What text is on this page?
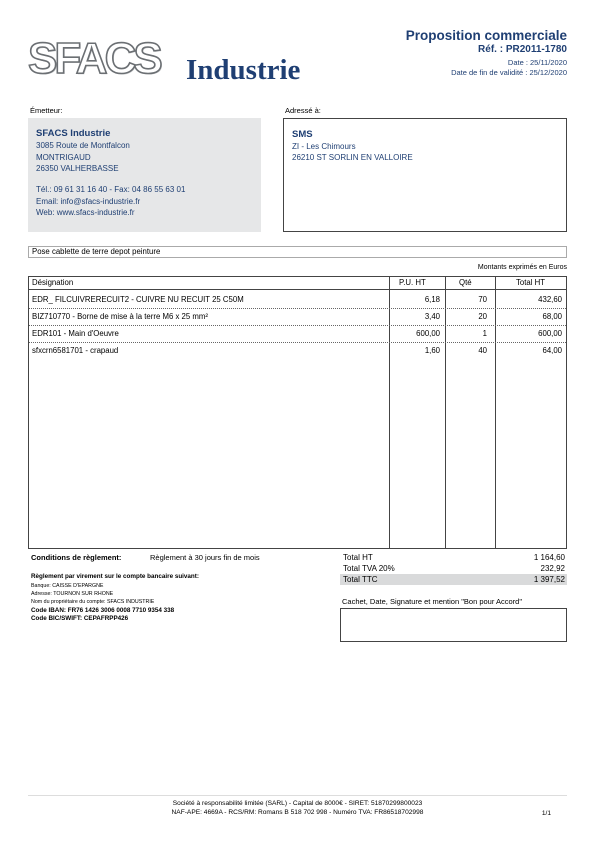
SFACS Industrie
Proposition commerciale
Réf. : PR2011-1780
Date : 25/11/2020
Date de fin de validité : 25/12/2020
Émetteur:	Adressé à:
SFACS Industrie
3085 Route de Montfalcon
MONTRIGAUD
26350 VALHERBASSE
Tél.: 09 61 31 16 40 - Fax: 04 86 55 63 01
Email: info@sfacs-industrie.fr
Web: www.sfacs-industrie.fr
SMS
ZI - Les Chimours
26210 ST SORLIN EN VALLOIRE
Pose cablette de terre depot peinture
Montants exprimés en Euros
Désignation	P.U. HT	Qté	Total HT
EDR_ FILCUIVRERECUIT2 - CUIVRE NU RECUIT 25 C50M	6,18	70	432,60
BIZ710770 - Borne de mise à la terre M6 x 25 mm²	3,40	20	68,00
EDR101 - Main d'Oeuvre	600,00	1	600,00
sfxcrn6581701 - crapaud	1,60	40	64,00
Conditions de règlement:	Règlement à 30 jours fin de mois
Règlement par virement sur le compte bancaire suivant:
Banque: CAISSE D'EPARGNE
Adresse: TOURNON SUR RHONE
Nom du propriétaire du compte: SFACS INDUSTRIE
Code IBAN: FR76 1426 3006 0008 7710 9354 338
Code BIC/SWIFT: CEPAFRPP426
Total HT	1 164,60
Total TVA 20%	232,92
Total TTC	1 397,52
Cachet, Date, Signature et mention "Bon pour Accord"
Société à responsabilité limitée (SARL) - Capital de 8000€ - SIRET: 51870299800023
NAF-APE: 4669A - RCS/RM: Romans B 518 702 998 - Numéro TVA: FR86518702998	1/1
